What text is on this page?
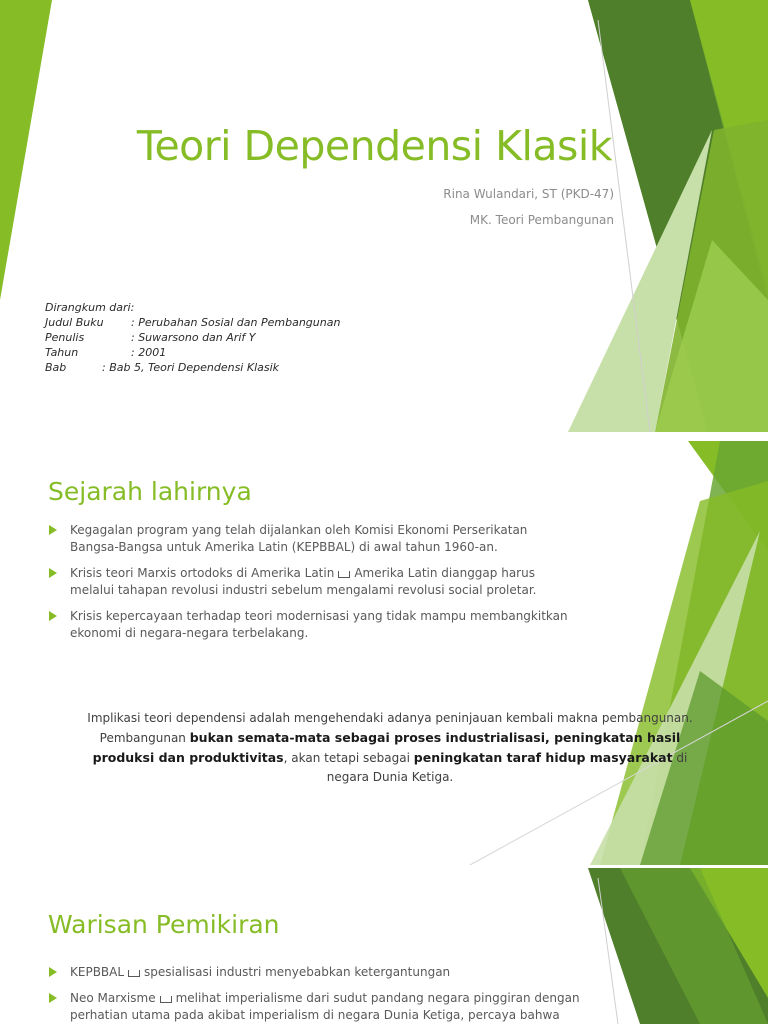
Teori Dependensi Klasik

Rina Wulandari, ST (PKD-47)

MK. Teori Pembangunan

Dirangkum dari:
Judul Buku : Perubahan Sosial dan Pembangunan
Penulis	: Suwarsono dan Arif Y
Tahun	: 2001
Bab	: Bab 5, Teori Dependensi Klasik
Sejarah lahirnya
Kegagalan program yang telah dijalankan oleh Komisi Ekonomi Perserikatan Bangsa-Bangsa untuk Amerika Latin (KEPBBAL) di awal tahun 1960-an.
Krisis teori Marxis ortodoks di Amerika Latin Amerika Latin dianggap harus melalui tahapan revolusi industri sebelum mengalami revolusi social proletar.
Krisis kepercayaan terhadap teori modernisasi yang tidak mampu membangkitkan ekonomi di negara-negara terbelakang.
Implikasi teori dependensi adalah mengehendaki adanya peninjauan kembali makna pembangunan. Pembangunan bukan semata-mata sebagai proses industrialisasi, peningkatan hasil produksi dan produktivitas, akan tetapi sebagai peningkatan taraf hidup masyarakat di negara Dunia Ketiga.
Warisan Pemikiran
KEPBBAL spesialisasi industri menyebabkan ketergantungan
Neo Marxisme melihat imperialisme dari sudut pandang negara pinggiran dengan perhatian utama pada akibat imperialism di negara Dunia Ketiga, percaya bahwa
